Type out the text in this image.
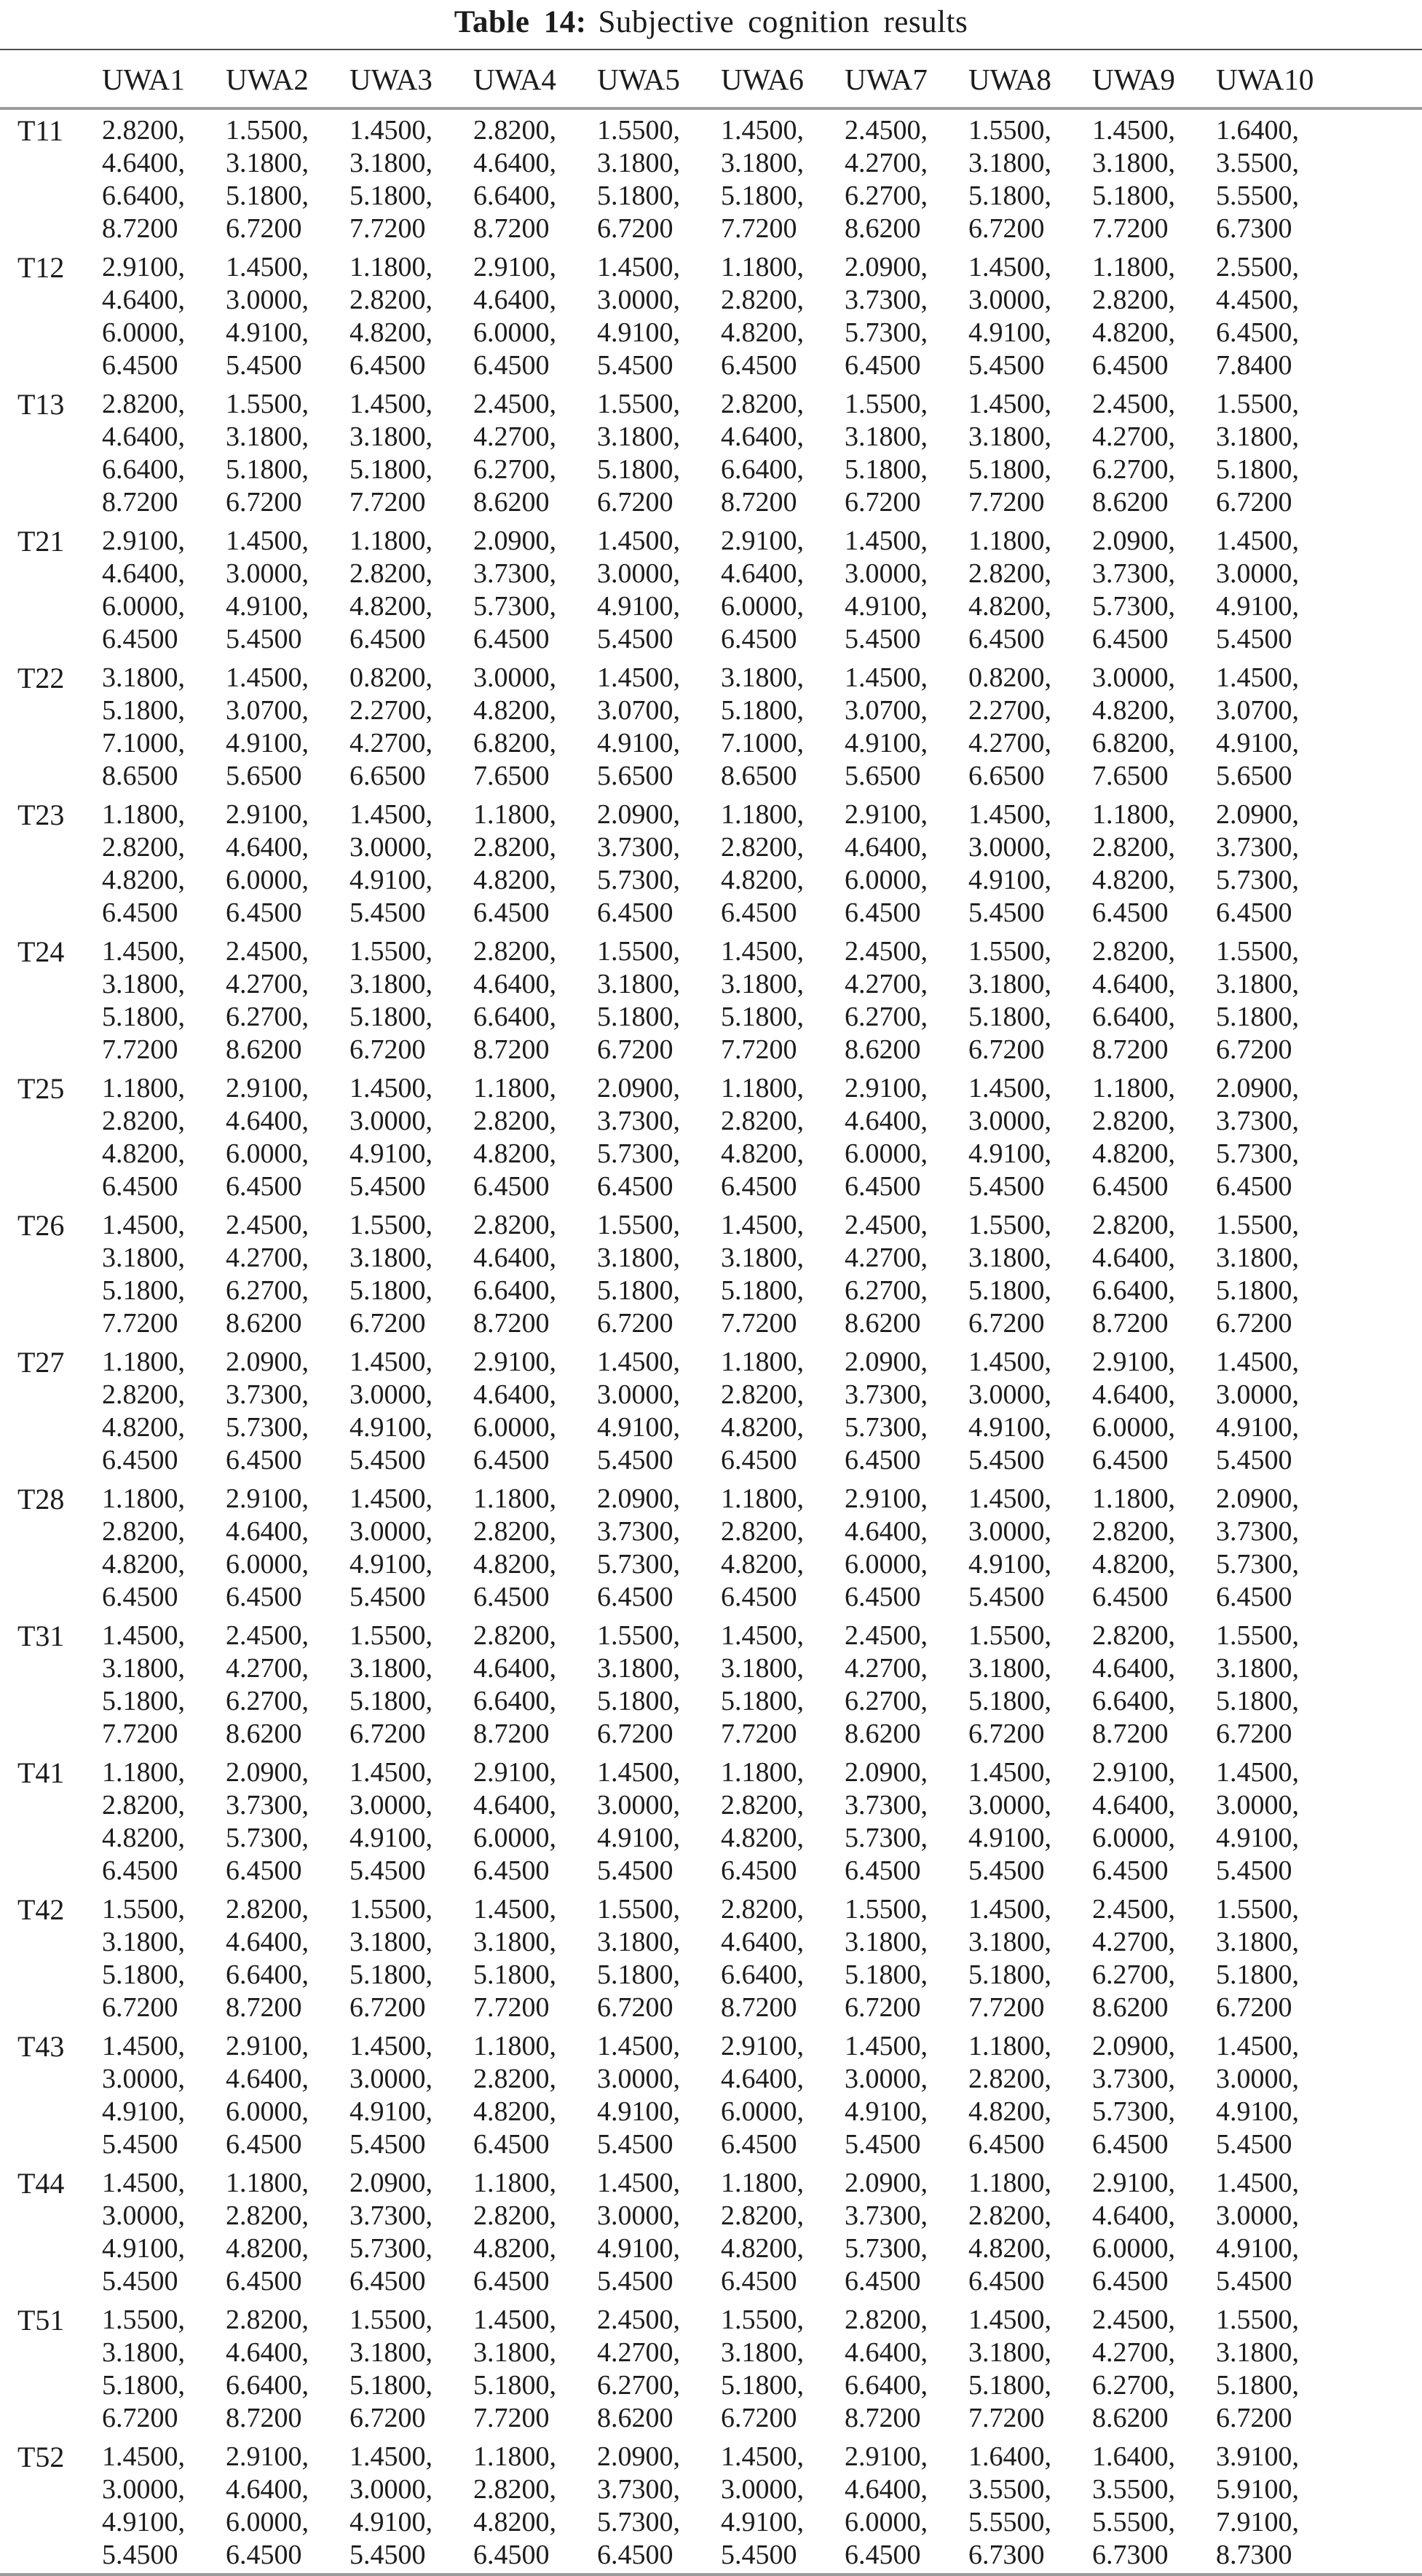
Table 14: Subjective cognition results
	UWA1	UWA2	UWA3	UWA4	UWA5	UWA6	UWA7	UWA8	UWA9	UWA10
T11	2.8200,
4.6400,
6.6400,
8.7200

1.5500,
3.1800,
5.1800,
6.7200

1.4500,
3.1800,
5.1800,
7.7200

2.8200,
4.6400,
6.6400,
8.7200

1.5500,
3.1800,
5.1800,
6.7200

1.4500,
3.1800,
5.1800,
7.7200

2.4500,
4.2700,
6.2700,
8.6200

1.5500,
3.1800,
5.1800,
6.7200

1.4500,
3.1800,
5.1800,
7.7200

1.6400,
3.5500,
5.5500,
6.7300

T12	2.9100,
4.6400,
6.0000,
6.4500

1.4500,
3.0000,
4.9100,
5.4500

1.1800,
2.8200,
4.8200,
6.4500

2.9100,
4.6400,
6.0000,
6.4500

1.4500,
3.0000,
4.9100,
5.4500

1.1800,
2.8200,
4.8200,
6.4500

2.0900,
3.7300,
5.7300,
6.4500

1.4500,
3.0000,
4.9100,
5.4500

1.1800,
2.8200,
4.8200,
6.4500

2.5500,
4.4500,
6.4500,
7.8400

T13	2.8200,
4.6400,
6.6400,
8.7200

1.5500,
3.1800,
5.1800,
6.7200

1.4500,
3.1800,
5.1800,
7.7200

2.4500,
4.2700,
6.2700,
8.6200

1.5500,
3.1800,
5.1800,
6.7200

2.8200,
4.6400,
6.6400,
8.7200

1.5500,
3.1800,
5.1800,
6.7200

1.4500,
3.1800,
5.1800,
7.7200

2.4500,
4.2700,
6.2700,
8.6200

1.5500,
3.1800,
5.1800,
6.7200

T21	2.9100,
4.6400,
6.0000,
6.4500

1.4500,
3.0000,
4.9100,
5.4500

1.1800,
2.8200,
4.8200,
6.4500

2.0900,
3.7300,
5.7300,
6.4500

1.4500,
3.0000,
4.9100,
5.4500

2.9100,
4.6400,
6.0000,
6.4500

1.4500,
3.0000,
4.9100,
5.4500

1.1800,
2.8200,
4.8200,
6.4500

2.0900,
3.7300,
5.7300,
6.4500

1.4500,
3.0000,
4.9100,
5.4500

T22	3.1800,
5.1800,
7.1000,
8.6500

1.4500,
3.0700,
4.9100,
5.6500

0.8200,
2.2700,
4.2700,
6.6500

3.0000,
4.8200,
6.8200,
7.6500

1.4500,
3.0700,
4.9100,
5.6500

3.1800,
5.1800,
7.1000,
8.6500

1.4500,
3.0700,
4.9100,
5.6500

0.8200,
2.2700,
4.2700,
6.6500

3.0000,
4.8200,
6.8200,
7.6500

1.4500,
3.0700,
4.9100,
5.6500

T23	1.1800,
2.8200,
4.8200,
6.4500

2.9100,
4.6400,
6.0000,
6.4500

1.4500,
3.0000,
4.9100,
5.4500

1.1800,
2.8200,
4.8200,
6.4500

2.0900,
3.7300,
5.7300,
6.4500

1.1800,
2.8200,
4.8200,
6.4500

2.9100,
4.6400,
6.0000,
6.4500

1.4500,
3.0000,
4.9100,
5.4500

1.1800,
2.8200,
4.8200,
6.4500

2.0900,
3.7300,
5.7300,
6.4500

T24	1.4500,
3.1800,
5.1800,
7.7200

2.4500,
4.2700,
6.2700,
8.6200

1.5500,
3.1800,
5.1800,
6.7200

2.8200,
4.6400,
6.6400,
8.7200

1.5500,
3.1800,
5.1800,
6.7200

1.4500,
3.1800,
5.1800,
7.7200

2.4500,
4.2700,
6.2700,
8.6200

1.5500,
3.1800,
5.1800,
6.7200

2.8200,
4.6400,
6.6400,
8.7200

1.5500,
3.1800,
5.1800,
6.7200

T25	1.1800,
2.8200,
4.8200,
6.4500

2.9100,
4.6400,
6.0000,
6.4500

1.4500,
3.0000,
4.9100,
5.4500

1.1800,
2.8200,
4.8200,
6.4500

2.0900,
3.7300,
5.7300,
6.4500

1.1800,
2.8200,
4.8200,
6.4500

2.9100,
4.6400,
6.0000,
6.4500

1.4500,
3.0000,
4.9100,
5.4500

1.1800,
2.8200,
4.8200,
6.4500

2.0900,
3.7300,
5.7300,
6.4500

T26	1.4500,
3.1800,
5.1800,
7.7200

2.4500,
4.2700,
6.2700,
8.6200

1.5500,
3.1800,
5.1800,
6.7200

2.8200,
4.6400,
6.6400,
8.7200

1.5500,
3.1800,
5.1800,
6.7200

1.4500,
3.1800,
5.1800,
7.7200

2.4500,
4.2700,
6.2700,
8.6200

1.5500,
3.1800,
5.1800,
6.7200

2.8200,
4.6400,
6.6400,
8.7200

1.5500,
3.1800,
5.1800,
6.7200

T27	1.1800,
2.8200,
4.8200,
6.4500

2.0900,
3.7300,
5.7300,
6.4500

1.4500,
3.0000,
4.9100,
5.4500

2.9100,
4.6400,
6.0000,
6.4500

1.4500,
3.0000,
4.9100,
5.4500

1.1800,
2.8200,
4.8200,
6.4500

2.0900,
3.7300,
5.7300,
6.4500

1.4500,
3.0000,
4.9100,
5.4500

2.9100,
4.6400,
6.0000,
6.4500

1.4500,
3.0000,
4.9100,
5.4500

T28	1.1800,
2.8200,
4.8200,
6.4500

2.9100,
4.6400,
6.0000,
6.4500

1.4500,
3.0000,
4.9100,
5.4500

1.1800,
2.8200,
4.8200,
6.4500

2.0900,
3.7300,
5.7300,
6.4500

1.1800,
2.8200,
4.8200,
6.4500

2.9100,
4.6400,
6.0000,
6.4500

1.4500,
3.0000,
4.9100,
5.4500

1.1800,
2.8200,
4.8200,
6.4500

2.0900,
3.7300,
5.7300,
6.4500

T31	1.4500,
3.1800,
5.1800,
7.7200

2.4500,
4.2700,
6.2700,
8.6200

1.5500,
3.1800,
5.1800,
6.7200

2.8200,
4.6400,
6.6400,
8.7200

1.5500,
3.1800,
5.1800,
6.7200

1.4500,
3.1800,
5.1800,
7.7200

2.4500,
4.2700,
6.2700,
8.6200

1.5500,
3.1800,
5.1800,
6.7200

2.8200,
4.6400,
6.6400,
8.7200

1.5500,
3.1800,
5.1800,
6.7200

T41	1.1800,
2.8200,
4.8200,
6.4500

2.0900,
3.7300,
5.7300,
6.4500

1.4500,
3.0000,
4.9100,
5.4500

2.9100,
4.6400,
6.0000,
6.4500

1.4500,
3.0000,
4.9100,
5.4500

1.1800,
2.8200,
4.8200,
6.4500

2.0900,
3.7300,
5.7300,
6.4500

1.4500,
3.0000,
4.9100,
5.4500

2.9100,
4.6400,
6.0000,
6.4500

1.4500,
3.0000,
4.9100,
5.4500

T42	1.5500,
3.1800,
5.1800,
6.7200

2.8200,
4.6400,
6.6400,
8.7200

1.5500,
3.1800,
5.1800,
6.7200

1.4500,
3.1800,
5.1800,
7.7200

1.5500,
3.1800,
5.1800,
6.7200

2.8200,
4.6400,
6.6400,
8.7200

1.5500,
3.1800,
5.1800,
6.7200

1.4500,
3.1800,
5.1800,
7.7200

2.4500,
4.2700,
6.2700,
8.6200

1.5500,
3.1800,
5.1800,
6.7200

T43	1.4500,
3.0000,
4.9100,
5.4500

2.9100,
4.6400,
6.0000,
6.4500

1.4500,
3.0000,
4.9100,
5.4500

1.1800,
2.8200,
4.8200,
6.4500

1.4500,
3.0000,
4.9100,
5.4500

2.9100,
4.6400,
6.0000,
6.4500

1.4500,
3.0000,
4.9100,
5.4500

1.1800,
2.8200,
4.8200,
6.4500

2.0900,
3.7300,
5.7300,
6.4500

1.4500,
3.0000,
4.9100,
5.4500

T44	1.4500,
3.0000,
4.9100,
5.4500

1.1800,
2.8200,
4.8200,
6.4500

2.0900,
3.7300,
5.7300,
6.4500

1.1800,
2.8200,
4.8200,
6.4500

1.4500,
3.0000,
4.9100,
5.4500

1.1800,
2.8200,
4.8200,
6.4500

2.0900,
3.7300,
5.7300,
6.4500

1.1800,
2.8200,
4.8200,
6.4500

2.9100,
4.6400,
6.0000,
6.4500

1.4500,
3.0000,
4.9100,
5.4500

T51	1.5500,
3.1800,
5.1800,
6.7200

2.8200,
4.6400,
6.6400,
8.7200

1.5500,
3.1800,
5.1800,
6.7200

1.4500,
3.1800,
5.1800,
7.7200

2.4500,
4.2700,
6.2700,
8.6200

1.5500,
3.1800,
5.1800,
6.7200

2.8200,
4.6400,
6.6400,
8.7200

1.4500,
3.1800,
5.1800,
7.7200

2.4500,
4.2700,
6.2700,
8.6200

1.5500,
3.1800,
5.1800,
6.7200

T52	1.4500,
3.0000,
4.9100,
5.4500

2.9100,
4.6400,
6.0000,
6.4500

1.4500,
3.0000,
4.9100,
5.4500

1.1800,
2.8200,
4.8200,
6.4500

2.0900,
3.7300,
5.7300,
6.4500

1.4500,
3.0000,
4.9100,
5.4500

2.9100,
4.6400,
6.0000,
6.4500

1.6400,
3.5500,
5.5500,
6.7300

1.6400,
3.5500,
5.5500,
6.7300

3.9100,
5.9100,
7.9100,
8.7300
